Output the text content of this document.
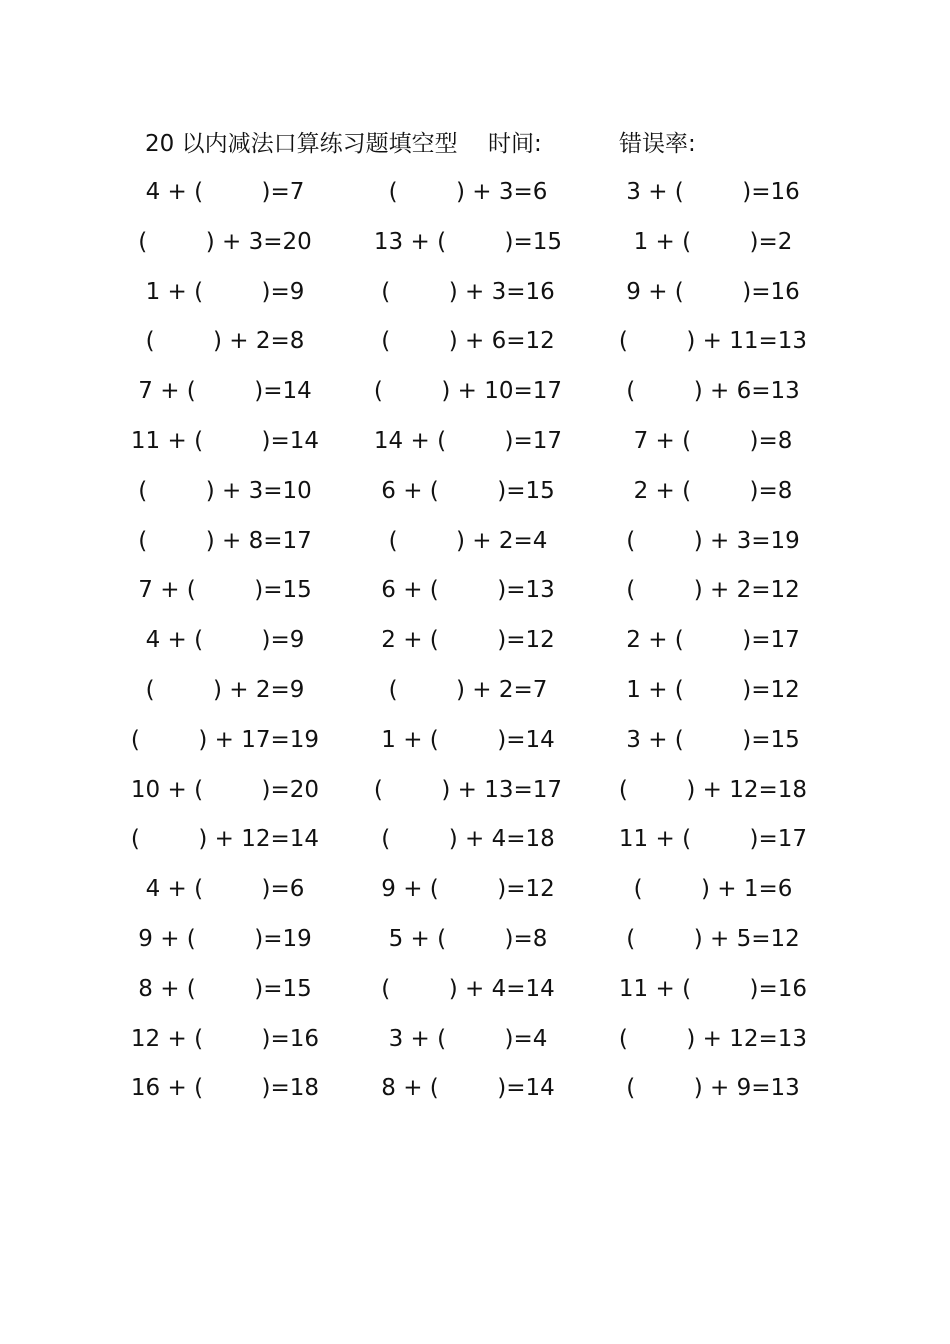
20 以内减法口算练习题填空型 时间:	错误率:
4 + (        )=7	(        ) + 3=6	3 + (        )=16
(        ) + 3=20	13 + (        )=15	1 + (        )=2
1 + (        )=9	(        ) + 3=16	9 + (        )=16
(        ) + 2=8	(        ) + 6=12	(        ) + 11=13
7 + (        )=14	(        ) + 10=17	(        ) + 6=13
11 + (        )=14	14 + (        )=17	7 + (        )=8
(        ) + 3=10	6 + (        )=15	2 + (        )=8
(        ) + 8=17	(        ) + 2=4	(        ) + 3=19
7 + (        )=15	6 + (        )=13	(        ) + 2=12
4 + (        )=9	2 + (        )=12	2 + (        )=17
(        ) + 2=9	(        ) + 2=7	1 + (        )=12
(        ) + 17=19	1 + (        )=14	3 + (        )=15
10 + (        )=20	(        ) + 13=17	(        ) + 12=18
(        ) + 12=14	(        ) + 4=18	11 + (        )=17
4 + (        )=6	9 + (        )=12	(        ) + 1=6
9 + (        )=19	5 + (        )=8	(        ) + 5=12
8 + (        )=15	(        ) + 4=14	11 + (        )=16
12 + (        )=16	3 + (        )=4	(        ) + 12=13
16 + (        )=18	8 + (        )=14	(        ) + 9=13
